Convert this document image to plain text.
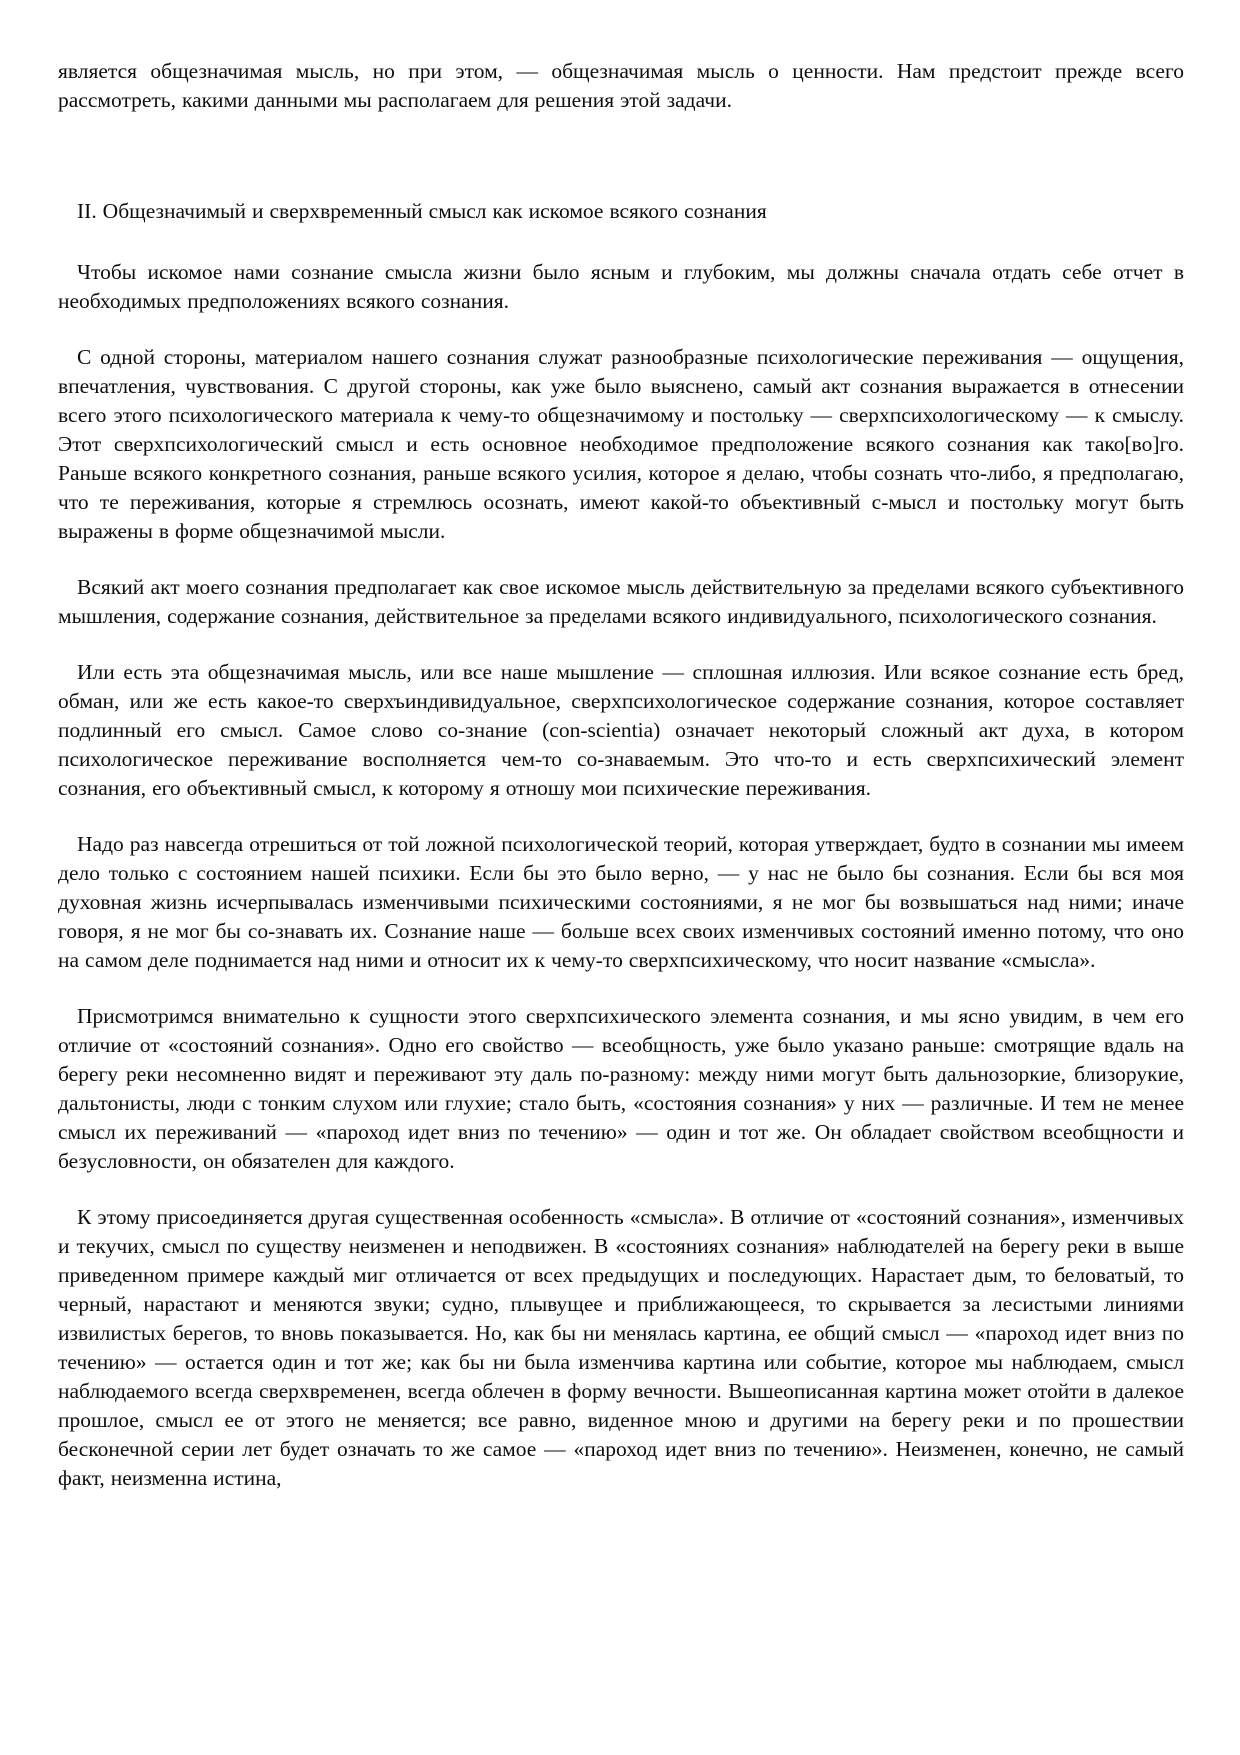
является общезначимая мысль, но при этом, — общезначимая мысль о ценности. Нам предстоит прежде всего рассмотреть, какими данными мы располагаем для решения этой задачи.

II. Общезначимый и сверхвременный смысл как искомое всякого сознания

Чтобы искомое нами сознание смысла жизни было ясным и глубоким, мы должны сначала отдать себе отчет в необходимых предположениях всякого сознания.

С одной стороны, материалом нашего сознания служат разнообразные психологические переживания — ощущения, впечатления, чувствования. С другой стороны, как уже было выяснено, самый акт сознания выражается в отнесении всего этого психологического материала к чему-то общезначимому и постольку — сверхпсихологическому — к смыслу. Этот сверхпсихологический смысл и есть основное необходимое предположение всякого сознания как тако[во]го. Раньше всякого конкретного сознания, раньше всякого усилия, которое я делаю, чтобы сознать что-либо, я предполагаю, что те переживания, которые я стремлюсь осознать, имеют какой-то объективный с-мысл и постольку могут быть выражены в форме общезначимой мысли.

Всякий акт моего сознания предполагает как свое искомое мысль действительную за пределами всякого субъективного мышления, содержание сознания, действительное за пределами всякого индивидуального, психологического сознания.

Или есть эта общезначимая мысль, или все наше мышление — сплошная иллюзия. Или всякое сознание есть бред, обман, или же есть какое-то сверхъиндивидуальное, сверхпсихологическое содержание сознания, которое составляет подлинный его смысл. Самое слово со-знание (con-scientia) означает некоторый сложный акт духа, в котором психологическое переживание восполняется чем-то со-знаваемым. Это что-то и есть сверхпсихический элемент сознания, его объективный смысл, к которому я отношу мои психические переживания.

Надо раз навсегда отрешиться от той ложной психологической теорий, которая утверждает, будто в сознании мы имеем дело только с состоянием нашей психики. Если бы это было верно, — у нас не было бы сознания. Если бы вся моя духовная жизнь исчерпывалась изменчивыми психическими состояниями, я не мог бы возвышаться над ними; иначе говоря, я не мог бы со-знавать их. Сознание наше — больше всех своих изменчивых состояний именно потому, что оно на самом деле поднимается над ними и относит их к чему-то сверхпсихическому, что носит название «смысла».

Присмотримся внимательно к сущности этого сверхпсихического элемента сознания, и мы ясно увидим, в чем его отличие от «состояний сознания». Одно его свойство — всеобщность, уже было указано раньше: смотрящие вдаль на берегу реки несомненно видят и переживают эту даль по-разному: между ними могут быть дальнозоркие, близорукие, дальтонисты, люди с тонким слухом или глухие; стало быть, «состояния сознания» у них — различные. И тем не менее смысл их переживаний — «пароход идет вниз по течению» — один и тот же. Он обладает свойством всеобщности и безусловности, он обязателен для каждого.

К этому присоединяется другая существенная особенность «смысла». В отличие от «состояний сознания», изменчивых и текучих, смысл по существу неизменен и неподвижен. В «состояниях сознания» наблюдателей на берегу реки в выше приведенном примере каждый миг отличается от всех предыдущих и последующих. Нарастает дым, то беловатый, то черный, нарастают и меняются звуки; судно, плывущее и приближающееся, то скрывается за лесистыми линиями извилистых берегов, то вновь показывается. Но, как бы ни менялась картина, ее общий смысл — «пароход идет вниз по течению» — остается один и тот же; как бы ни была изменчива картина или событие, которое мы наблюдаем, смысл наблюдаемого всегда сверхвременен, всегда облечен в форму вечности. Вышеописанная картина может отойти в далекое прошлое, смысл ее от этого не меняется; все равно, виденное мною и другими на берегу реки и по прошествии бесконечной серии лет будет означать то же самое — «пароход идет вниз по течению». Неизменен, конечно, не самый факт, неизменна истина,
